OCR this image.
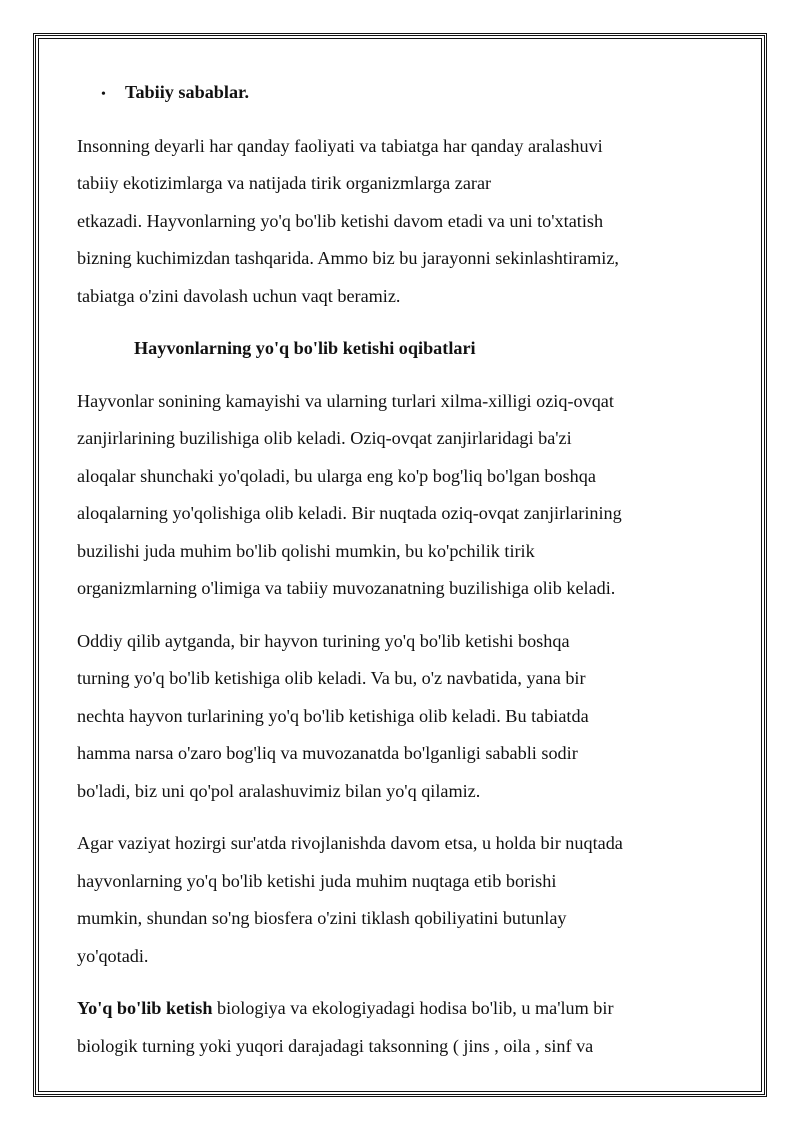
•	Tabiiy sabablar.

Insonning deyarli har qanday faoliyati va tabiatga har qanday aralashuvi
tabiiy ekotizimlarga va natijada tirik organizmlarga zarar
etkazadi. Hayvonlarning yo'q bo'lib ketishi davom etadi va uni to'xtatish
bizning kuchimizdan tashqarida. Ammo biz bu jarayonni sekinlashtiramiz,
tabiatga o'zini davolash uchun vaqt beramiz.

Hayvonlarning yo'q bo'lib ketishi oqibatlari

Hayvonlar sonining kamayishi va ularning turlari xilma-xilligi oziq-ovqat
zanjirlarining buzilishiga olib keladi. Oziq-ovqat zanjirlaridagi ba'zi
aloqalar shunchaki yo'qoladi, bu ularga eng ko'p bog'liq bo'lgan boshqa
aloqalarning yo'qolishiga olib keladi. Bir nuqtada oziq-ovqat zanjirlarining
buzilishi juda muhim bo'lib qolishi mumkin, bu ko'pchilik tirik
organizmlarning o'limiga va tabiiy muvozanatning buzilishiga olib keladi.

Oddiy qilib aytganda, bir hayvon turining yo'q bo'lib ketishi boshqa
turning yo'q bo'lib ketishiga olib keladi. Va bu, o'z navbatida, yana bir
nechta hayvon turlarining yo'q bo'lib ketishiga olib keladi. Bu tabiatda
hamma narsa o'zaro bog'liq va muvozanatda bo'lganligi sababli sodir
bo'ladi, biz uni qo'pol aralashuvimiz bilan yo'q qilamiz.

Agar vaziyat hozirgi sur'atda rivojlanishda davom etsa, u holda bir nuqtada
hayvonlarning yo'q bo'lib ketishi juda muhim nuqtaga etib borishi
mumkin, shundan so'ng biosfera o'zini tiklash qobiliyatini butunlay
yo'qotadi.

Yo'q bo'lib ketish biologiya va ekologiyadagi hodisa bo'lib, u ma'lum bir
biologik turning yoki yuqori darajadagi taksonning ( jins , oila , sinf va
